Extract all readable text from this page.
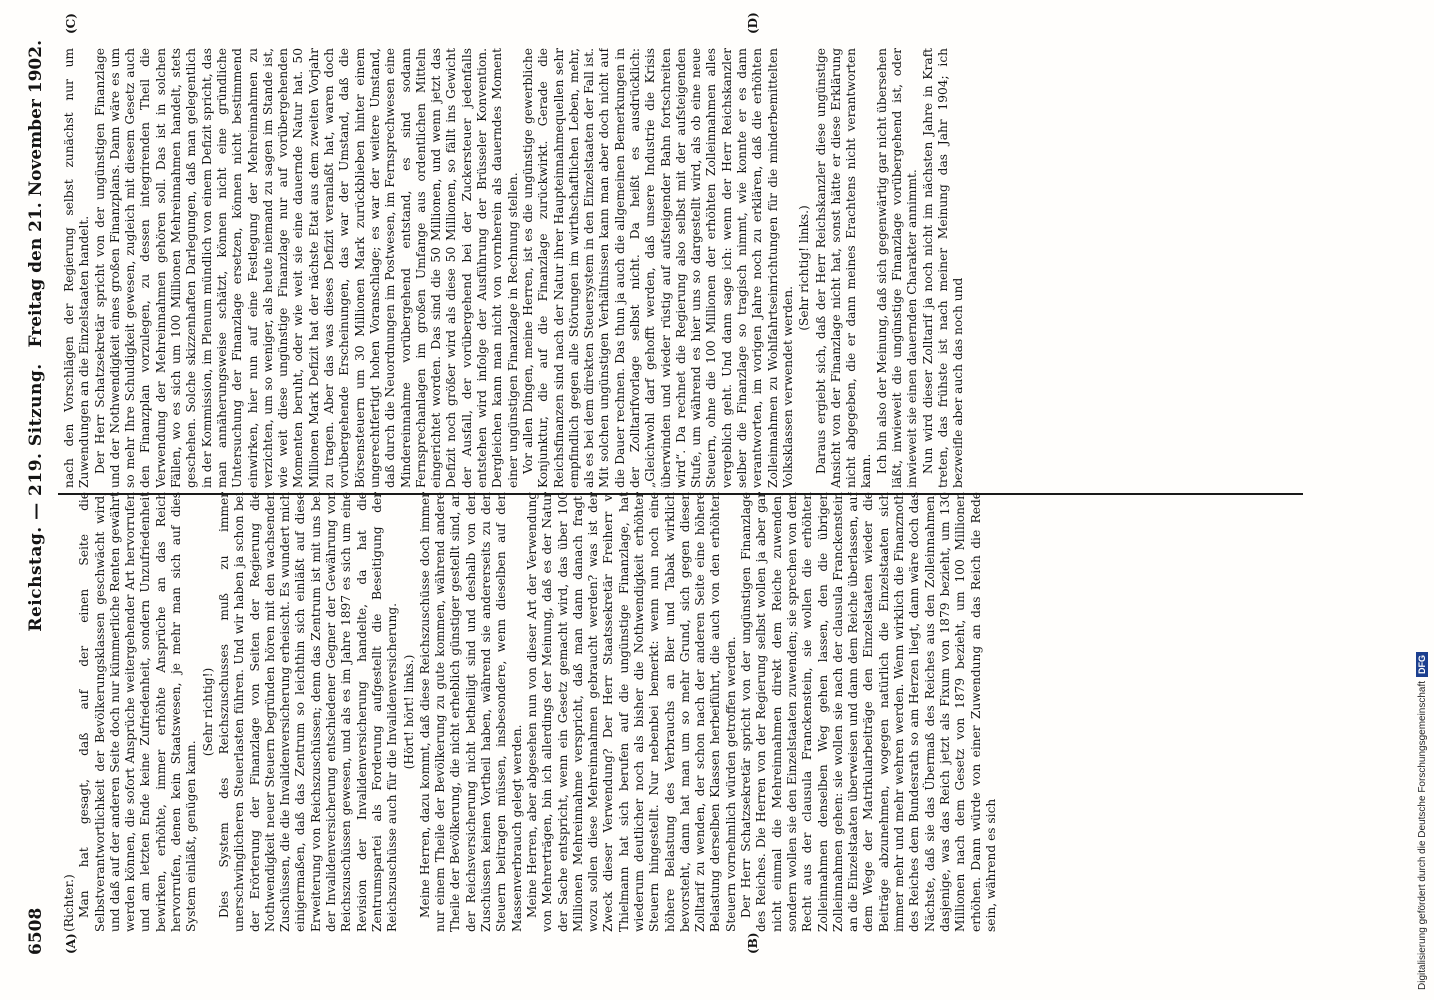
6508
Reichstag. — 219. Sitzung.
Freitag den 21. November 1902.
(A)	(B)
(C)	(D)

(Richter.) Man hat gesagt, daß auf der einen Seite die Selbstverantwortlichkeit der Bevölkerungsklassen geschwächt wird, und daß auf der anderen Seite doch nur kümmerliche Renten gewährt werden können, die sofort Ansprüche weitergehender Art hervorrufen und am letzten Ende keine Zufriedenheit, sondern Unzufriedenheit bewirken, erhöhte, immer erhöhte Ansprüche an das Reich hervorrufen, denen kein Staatswesen, je mehr man sich auf dies System einläßt, genügen kann.

(Sehr richtig!) Dies System des Reichszuschusses muß zu immer unerschwinglicheren Steuerlasten führen. Und wir haben ja schon bei der Erörterung der Finanzlage von Seiten der Regierung die Nothwendigkeit neuer Steuern begründen hören mit den wachsenden Zuschüssen, die die Invalidenversicherung erheischt. Es wundert mich einigermaßen, daß das Zentrum so leichthin sich einläßt auf diese Erweiterung von Reichszuschüssen; denn das Zentrum ist mit uns bei der Invalidenversicherung entschiedener Gegner der Gewährung von Reichszuschüssen gewesen, und als es im Jahre 1897 es sich um eine Revision der Invalidenversicherung handelte, da hat die Zentrumspartei als Forderung aufgestellt die Beseitigung der Reichszuschüsse auch für die Invalidenversicherung. (Hört! hört! links.) Meine Herren, dazu kommt, daß diese Reichszuschüsse doch immer nur einem Theile der Bevölkerung zu gute kommen, während andere Theile der Bevölkerung, die nicht erheblich günstiger gestellt sind, an der Reichsversicherung nicht betheiligt sind und deshalb von den Zuschüssen keinen Vortheil haben, während sie andererseits zu den Steuern beitragen müssen, insbesondere, wenn dieselben auf den Massenverbrauch gelegt werden. Meine Herren, aber abgesehen nun von dieser Art der Verwendung von Mehrerträgen, bin ich allerdings der Meinung, daß es der Natur der Sache entspricht, wenn ein Gesetz gemacht wird, das über 100 Millionen Mehreinnahme verspricht, daß man dann danach fragt: wozu sollen diese Mehreinnahmen gebraucht werden? was ist der Zweck dieser Verwendung? Der Herr Staatssekretär Freiherr v. Thielmann hat sich berufen auf die ungünstige Finanzlage, hat wiederum deutlicher noch als bisher die Nothwendigkeit erhöhter Steuern hingestellt. Nur nebenbei bemerkt: wenn nun noch eine höhere Belastung des Verbrauchs an Bier und Tabak wirklich bevorsteht, dann hat man um so mehr Grund, sich gegen diesen Zolltarif zu wenden, der schon nach der anderen Seite eine höhere Belastung derselben Klassen herbeiführt, die auch von den erhöhten Steuern vornehmlich würden getroffen werden. Der Herr Schatzsekretär spricht von der ungünstigen Finanzlage des Reiches. Die Herren von der Regierung selbst wollen ja aber gar nicht einmal die Mehreinnahmen direkt dem Reiche zuwenden, sondern wollen sie den Einzelstaaten zuwenden; sie sprechen von dem Recht aus der clausula Franckenstein, sie wollen die erhöhten Zolleinnahmen denselben Weg gehen lassen, den die übrigen Zolleinnahmen gehen: sie wollen sie nach der clausula Franckenstein an die Einzelstaaten überweisen und dann dem Reiche überlassen, auf dem Wege der Matrikularbeiträge den Einzelstaaten wieder die Beiträge abzunehmen, wogegen natürlich die Einzelstaaten sich immer mehr und mehr wehren werden. Wenn wirklich die Finanznoth des Reiches dem Bundesrath so am Herzen liegt, dann wäre doch das Nächste, daß sie das Übermaß des Reiches aus den Zolleinnahmen, dasjenige, was das Reich jetzt als Fixum von 1879 bezieht, um 130 Millionen nach dem Gesetz von 1879 bezieht, um 100 Millionen erhöhen. Dann würde von einer Zuwendung an das Reich die Rede sein, während es sich

nach den Vorschlägen der Regierung selbst zunächst nur um Zuwendungen an die Einzelstaaten handelt. Der Herr Schatzsekretär spricht von der ungünstigen Finanzlage und der Nothwendigkeit eines großen Finanzplans. Dann wäre es um so mehr Ihre Schuldigkeit gewesen, zugleich mit diesem Gesetz auch den Finanzplan vorzulegen, zu dessen integrirenden Theil die Verwendung der Mehreinnahmen gehören soll. Das ist in solchen Fällen, wo es sich um 100 Millionen Mehreinnahmen handelt, stets geschehen. Solche skizzenhaften Darlegungen, daß man gelegentlich in der Kommission, im Plenum mündlich von einem Defizit spricht, das man annäherungsweise schätzt, können nicht eine gründliche Untersuchung der Finanzlage ersetzen, können nicht bestimmend einwirken, hier nun auf eine Festlegung der Mehreinnahmen zu verzichten, um so weniger, als heute niemand zu sagen im Stande ist, wie weit diese ungünstige Finanzlage nur auf vorübergehenden Momenten beruht, oder wie weit sie eine dauernde Natur hat. 50 Millionen Mark Defizit hat der nächste Etat aus dem zweiten Vorjahr zu tragen. Aber das was dieses Defizit veranlaßt hat, waren doch vorübergehende Erscheinungen, das war der Umstand, daß die Börsensteuern um 30 Millionen Mark zurückblieben hinter einem ungerechtfertigt hohen Voranschlage; es war der weitere Umstand, daß durch die Neuordnungen im Postwesen, im Fernsprechwesen eine Mindereinnahme vorübergehend entstand, es sind sodann Fernsprechanlagen im großen Umfange aus ordentlichen Mitteln eingerichtet worden. Das sind die 50 Millionen, und wenn jetzt das Defizit noch größer wird als diese 50 Millionen, so fällt ins Gewicht der Ausfall, der vorübergehend bei der Zuckersteuer jedenfalls entstehen wird infolge der Ausführung der Brüsseler Konvention. Dergleichen kann man nicht von vornherein als dauerndes Moment einer ungünstigen Finanzlage in Rechnung stellen. Vor allen Dingen, meine Herren, ist es die ungünstige gewerbliche Konjunktur, die auf die Finanzlage zurückwirkt. Gerade die Reichsfinanzen sind nach der Natur ihrer Haupteinnahmequellen sehr empfindlich gegen alle Störungen im wirthschaftlichen Leben, mehr, als es bei dem direkten Steuersystem in den Einzelstaaten der Fall ist. Mit solchen ungünstigen Verhältnissen kann man aber doch nicht auf die Dauer rechnen. Das thun ja auch die allgemeinen Bemerkungen in der Zolltarifvorlage selbst nicht. Da heißt es ausdrücklich: „Gleichwohl darf gehofft werden, daß unsere Industrie die Krisis überwinden und wieder rüstig auf aufsteigender Bahn fortschreiten wird“. Da rechnet die Regierung also selbst mit der aufsteigenden Stufe, um während es hier uns so dargestellt wird, als ob eine neue Steuern, ohne die 100 Millionen der erhöhten Zolleinnahmen alles vergeblich geht. Und dann sage ich: wenn der Herr Reichskanzler selber die Finanzlage so tragisch nimmt, wie konnte er es dann verantworten, im vorigen Jahre noch zu erklären, daß die erhöhten Zolleinnahmen zu Wohlfahrtseinrichtungen für die minderbemittelten Volksklassen verwendet werden.

(Sehr richtig! links.) Daraus ergiebt sich, daß der Herr Reichskanzler diese ungünstige Ansicht von der Finanzlage nicht hat, sonst hätte er diese Erklärung nicht abgegeben, die er dann meines Erachtens nicht verantworten kann. Ich bin also der Meinung, daß sich gegenwärtig gar nicht übersehen läßt, inwieweit die ungünstige Finanzlage vorübergehend ist, oder inwieweit sie einen dauernden Charakter annimmt. Nun wird dieser Zolltarif ja noch nicht im nächsten Jahre in Kraft treten, das frühste ist nach meiner Meinung das Jahr 1904; ich bezweifle aber auch das noch und

Digitalisierung gefördert durch die Deutsche ForschungsgemeinschaftDFG
